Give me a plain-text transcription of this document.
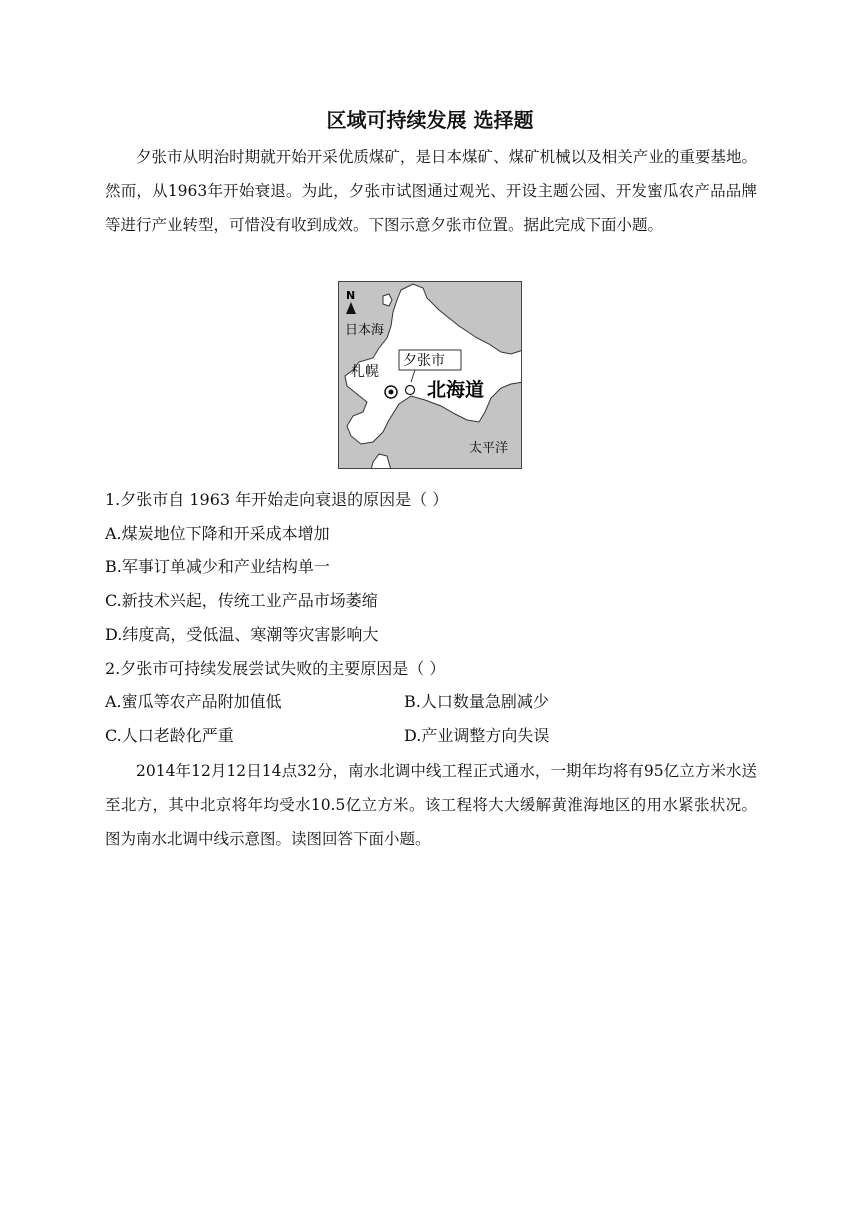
区域可持续发展 选择题
夕张市从明治时期就开始开采优质煤矿，是日本煤矿、煤矿机械以及相关产业的重要基地。然而，从1963年开始衰退。为此，夕张市试图通过观光、开设主题公园、开发蜜瓜农产品品牌等进行产业转型，可惜没有收到成效。下图示意夕张市位置。据此完成下面小题。
N
日本海
夕张市
札幌
北海道
太平洋
1.夕张市自 1963 年开始走向衰退的原因是（ ）
A.煤炭地位下降和开采成本增加
B.军事订单减少和产业结构单一
C.新技术兴起，传统工业产品市场萎缩
D.纬度高，受低温、寒潮等灾害影响大
2.夕张市可持续发展尝试失败的主要原因是（ ）
A.蜜瓜等农产品附加值低	B.人口数量急剧减少
C.人口老龄化严重	D.产业调整方向失误
2014年12月12日14点32分，南水北调中线工程正式通水，一期年均将有95亿立方米水送至北方，其中北京将年均受水10.5亿立方米。该工程将大大缓解黄淮海地区的用水紧张状况。图为南水北调中线示意图。读图回答下面小题。
